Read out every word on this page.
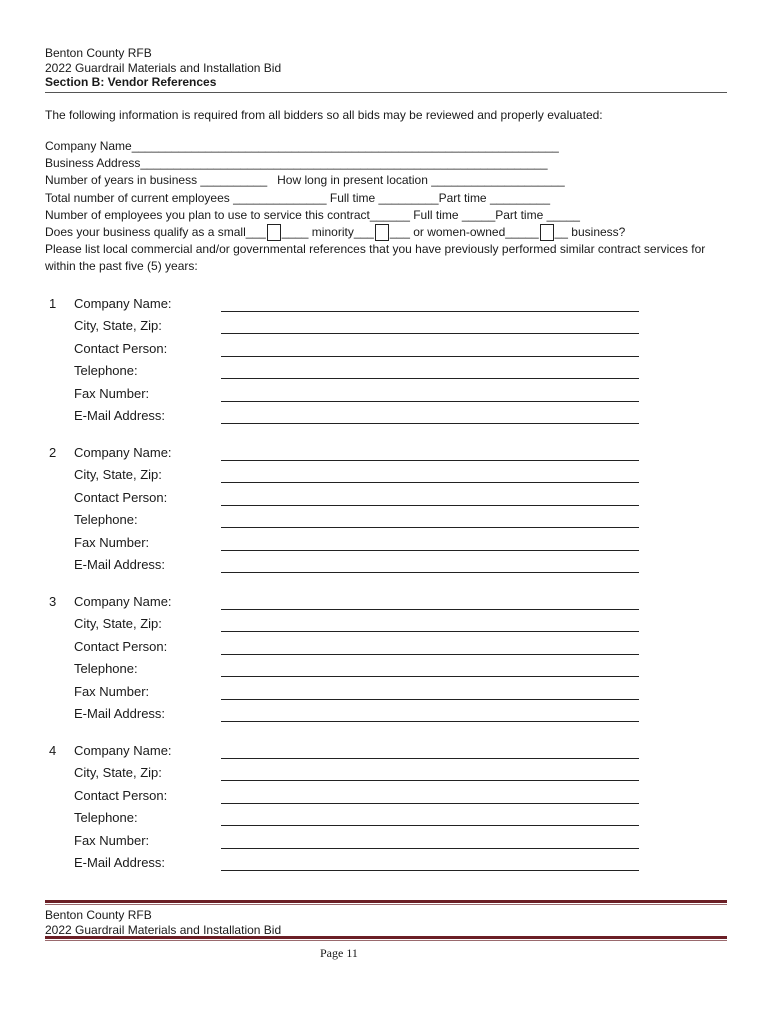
Benton County RFB
2022 Guardrail Materials and Installation Bid
Section B: Vendor References
The following information is required from all bidders so all bids may be reviewed and properly evaluated:
Company Name________________________________________________________________
Business Address_____________________________________________________________
Number of years in business __________   How long in present location ____________________
Total number of current employees ______________ Full time _________Part time _________
Number of employees you plan to use to service this contract______ Full time _____Part time _____
Does your business qualify as a small___ ____ minority___ ___ or women-owned_____ __ business?
Please list local commercial and/or governmental references that you have previously performed similar contract services for within the past five (5) years:
1 Company Name:
City, State, Zip:
Contact Person:
Telephone:
Fax Number:
E-Mail Address:
2 Company Name:
City, State, Zip:
Contact Person:
Telephone:
Fax Number:
E-Mail Address:
3 Company Name:
City, State, Zip:
Contact Person:
Telephone:
Fax Number:
E-Mail Address:
4 Company Name:
City, State, Zip:
Contact Person:
Telephone:
Fax Number:
E-Mail Address:
Benton County RFB
2022 Guardrail Materials and Installation Bid
Page 11
